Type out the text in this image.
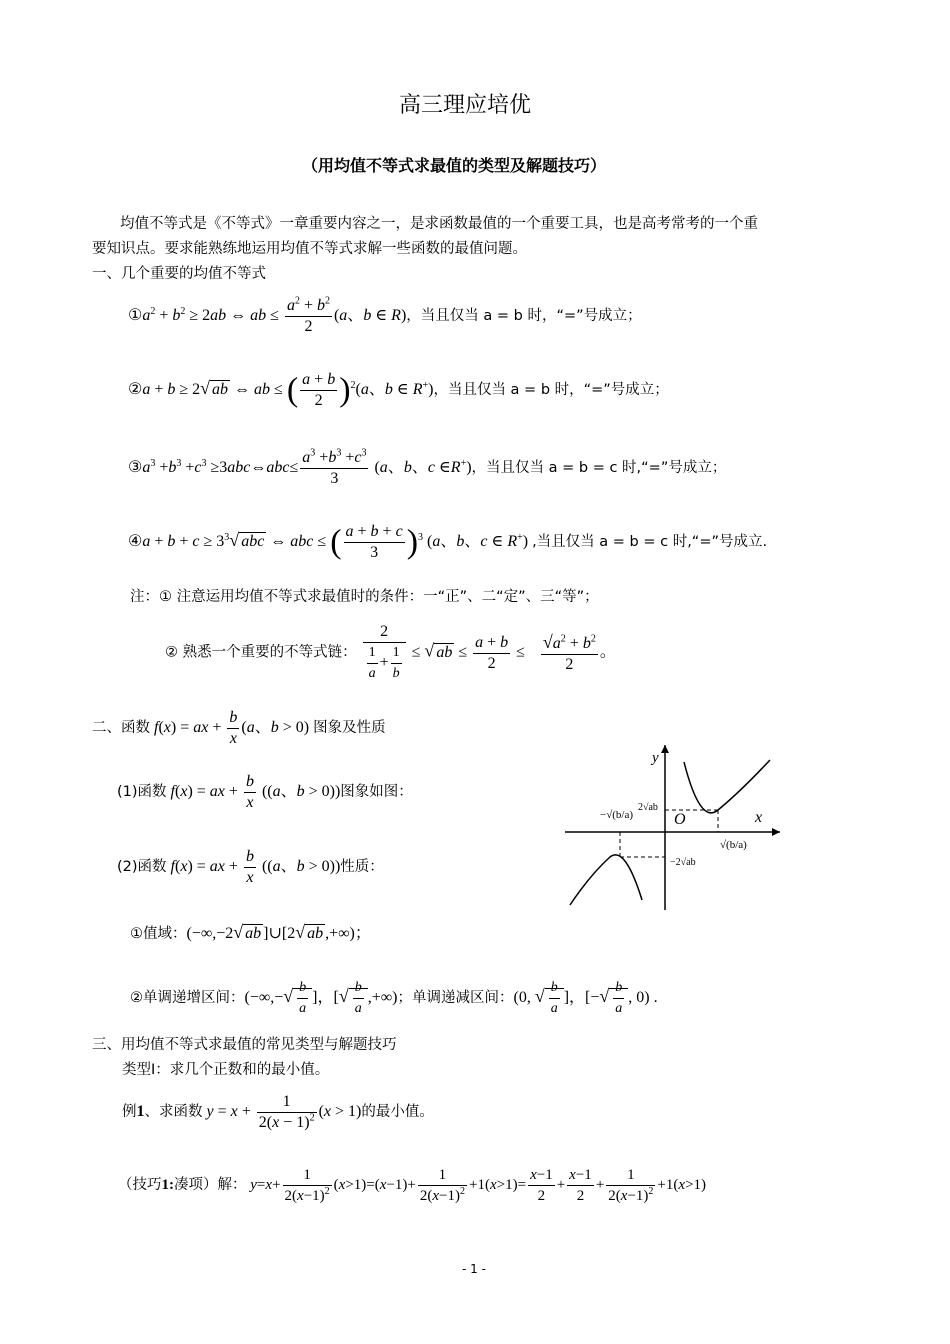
高三理应培优
（用均值不等式求最值的类型及解题技巧）
均值不等式是《不等式》一章重要内容之一，是求函数最值的一个重要工具，也是高考常考的一个重
要知识点。要求能熟练地运用均值不等式求解一些函数的最值问题。
一、几个重要的均值不等式
$①a^2 + b^2 \ge 2ab$ ⇔ ab ≤ $\frac{a^2 + b^2}{2} (a$、b ∈ R)，当且仅当 a = b 时，“=”号成立；
②a + b ≥ 2√ ab ⇔ ab ≤ ( $\frac{a + b}{2} )^2(a$、b ∈ R+)，当且仅当 a = b 时，“=”号成立；
$③a^3 +b^3 +c^3$ ≥3abc⇔abc≤ $\frac{a^3 +b^3 +c^3}{3} (a$、b、c ∈R+)，当且仅当 a = b = c 时,“=”号成立；
④a + $b + c \ge 3^3√$ abc ⇔ abc ≤ ( $\frac{a + b + c}{3} )^3$ (a、b、c ∈ R+) ,当且仅当 a = b = c 时,“=”号成立.
注：① 注意运用均值不等式求最值时的条件：一“正”、二“定”、三“等”；
② 熟悉一个重要的不等式链： $\frac{2}{\frac{1}{a} + \frac{1}{b}}$ ≤ √ ab ≤ $\frac{a + b}{2} \le \frac{√a^2 + b^2}{2}$ 。
二、函数 f(x) = ax + $\frac{b}{x} (a$、b > 0) 图象及性质
(1)函数 f(x) = ax + $\frac{b}{x} ((a$、b > 0))图象如图：
(2)函数 f(x) = ax + $\frac{b}{x} ((a$、b > 0))性质：
①值域：(−∞,−2√ ab ]∪[2√ ab ,+∞)；
②单调递增区间：(−∞,−√ $\frac{b}{a}$ ]，[√ $\frac{b}{a}$ ,+∞)；单调递减区间：(0, √ $\frac{b}{a}$ ]，[−√ $\frac{b}{a}$ , 0) .
y
x
O
2√ab
−2√ab
−√(b/a)
√(b/a)
三、用均值不等式求最值的常见类型与解题技巧
类型Ⅰ：求几个正数和的最小值。
例1、求函数 $y = x + \frac{1}{2(x - 1)^2} (x > 1)$的最小值。
（技巧1:凑项）解： $y=x+ \frac{1}{2(x-1)^2} (x>1)=(x-1)+ \frac{1}{2(x-1)^2} +1(x>1)= \frac{x-1}{2} + \frac{x-1}{2} + \frac{1}{2(x-1)^2} +1(x>1)$
- 1 -
